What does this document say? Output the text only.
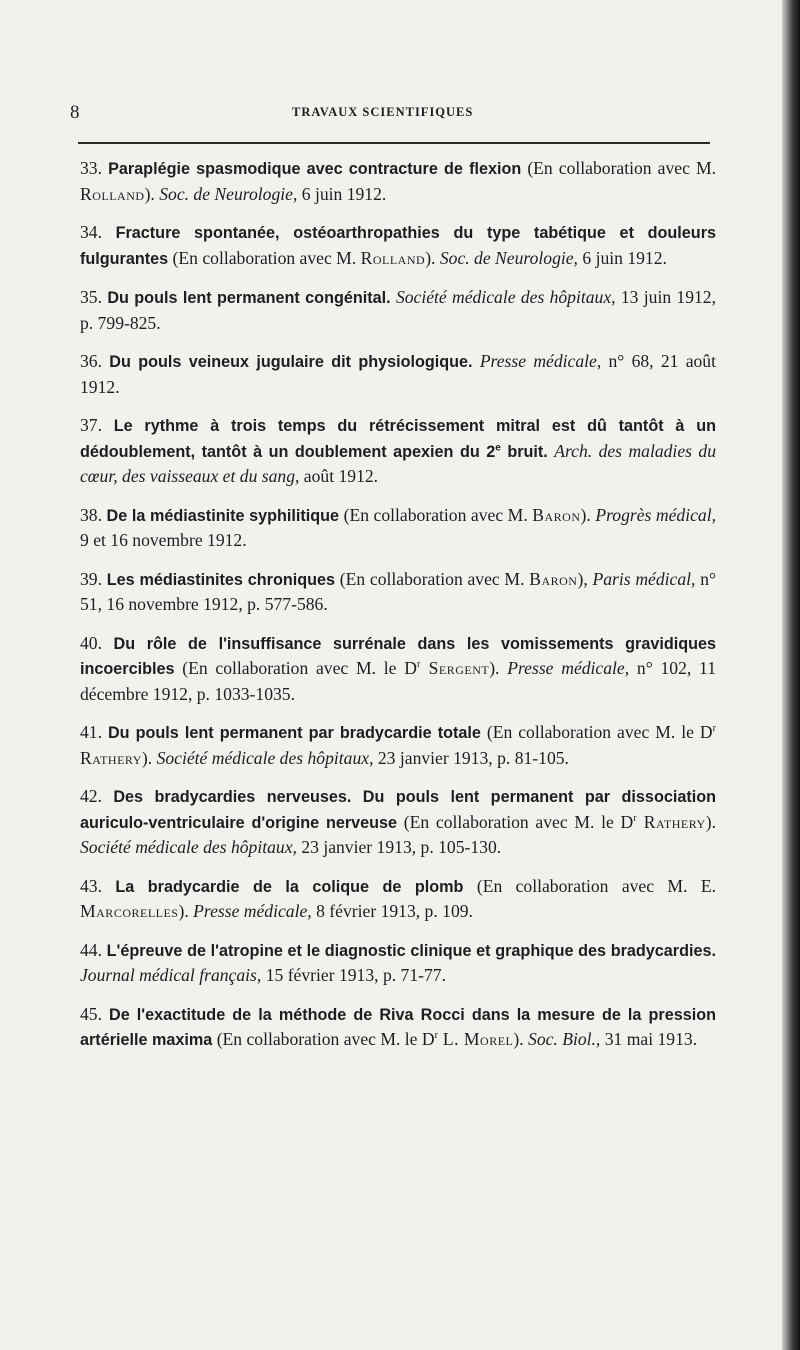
8	TRAVAUX SCIENTIFIQUES

33. Paraplégie spasmodique avec contracture de flexion (En collaboration avec M. Rolland). Soc. de Neurologie, 6 juin 1912.

34. Fracture spontanée, ostéoarthropathies du type tabétique et douleurs fulgurantes (En collaboration avec M. Rolland). Soc. de Neurologie, 6 juin 1912.

35. Du pouls lent permanent congénital. Société médicale des hôpitaux, 13 juin 1912, p. 799-825.

36. Du pouls veineux jugulaire dit physiologique. Presse médicale, n° 68, 21 août 1912.

37. Le rythme à trois temps du rétrécissement mitral est dû tantôt à un dédoublement, tantôt à un doublement apexien du 2e bruit. Arch. des maladies du cœur, des vaisseaux et du sang, août 1912.

38. De la médiastinite syphilitique (En collaboration avec M. Baron). Progrès médical, 9 et 16 novembre 1912.

39. Les médiastinites chroniques (En collaboration avec M. Baron), Paris médical, n° 51, 16 novembre 1912, p. 577-586.

40. Du rôle de l'insuffisance surrénale dans les vomissements gravidiques incoercibles (En collaboration avec M. le $D^r$ Sergent). Presse médicale, n° 102, 11 décembre 1912, p. 1033-1035.

41. Du pouls lent permanent par bradycardie totale (En collaboration avec M. le $D^r$ Rathery). Société médicale des hôpitaux, 23 janvier 1913, p. 81-105.

42. Des bradycardies nerveuses. Du pouls lent permanent par dissociation auriculo-ventriculaire d'origine nerveuse (En collaboration avec M. le $D^r$ Rathery). Société médicale des hôpitaux, 23 janvier 1913, p. 105-130.

43. La bradycardie de la colique de plomb (En collaboration avec M. E. Marcorelles). Presse médicale, 8 février 1913, p. 109.

44. L'épreuve de l'atropine et le diagnostic clinique et graphique des bradycardies. Journal médical français, 15 février 1913, p. 71-77.

45. De l'exactitude de la méthode de Riva Rocci dans la mesure de la pression artérielle maxima (En collaboration avec M. le $D^r$ L. Morel). Soc. Biol., 31 mai 1913.
